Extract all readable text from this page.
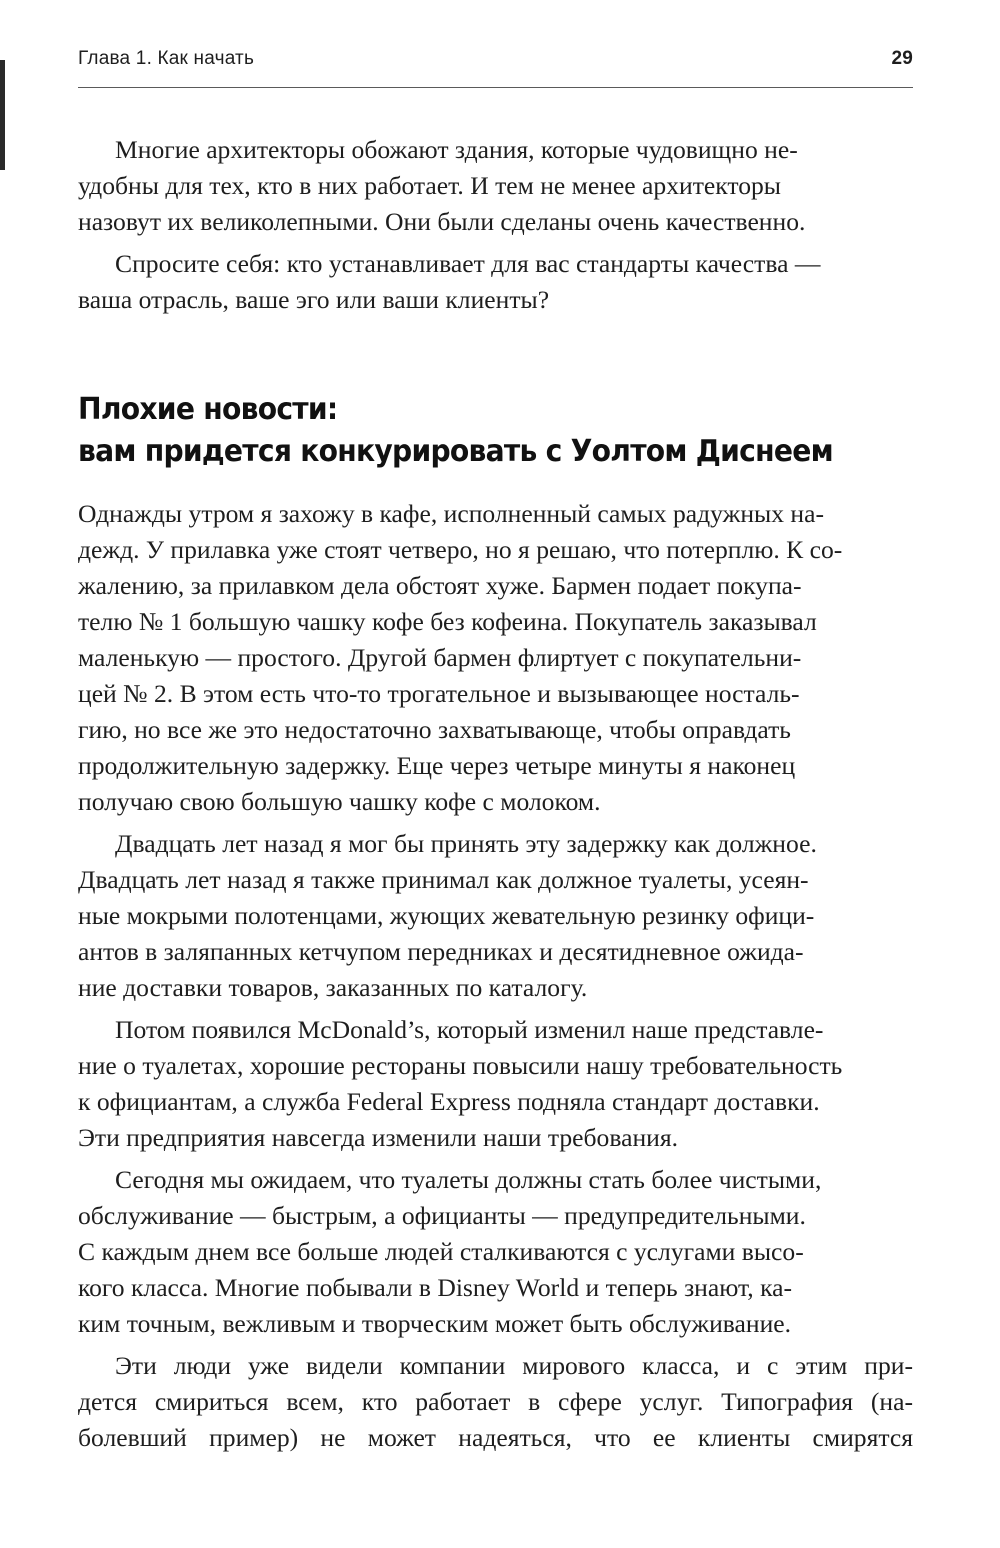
Глава 1. Как начать	29

Многие архитекторы обожают здания, которые чудовищно не-
удобны для тех, кто в них работает. И тем не менее архитекторы
назовут их великолепными. Они были сделаны очень качественно.

Спросите себя: кто устанавливает для вас стандарты качества —
ваша отрасль, ваше эго или ваши клиенты?

Плохие новости:
вам придется конкурировать с Уолтом Диснеем

Однажды утром я захожу в кафе, исполненный самых радужных на-
дежд. У прилавка уже стоят четверо, но я решаю, что потерплю. К со-
жалению, за прилавком дела обстоят хуже. Бармен подает покупа-
телю № 1 большую чашку кофе без кофеина. Покупатель заказывал
маленькую — простого. Другой бармен флиртует с покупательни-
цей № 2. В этом есть что-то трогательное и вызывающее носталь-
гию, но все же это недостаточно захватывающе, чтобы оправдать
продолжительную задержку. Еще через четыре минуты я наконец
получаю свою большую чашку кофе с молоком.

Двадцать лет назад я мог бы принять эту задержку как должное.
Двадцать лет назад я также принимал как должное туалеты, усеян-
ные мокрыми полотенцами, жующих жевательную резинку офици-
антов в заляпанных кетчупом передниках и десятидневное ожида-
ние доставки товаров, заказанных по каталогу.

Потом появился McDonald’s, который изменил наше представле-
ние о туалетах, хорошие рестораны повысили нашу требовательность
к официантам, а служба Federal Express подняла стандарт доставки.
Эти предприятия навсегда изменили наши требования.

Сегодня мы ожидаем, что туалеты должны стать более чистыми,
обслуживание — быстрым, а официанты — предупредительными.
С каждым днем все больше людей сталкиваются с услугами высо-
кого класса. Многие побывали в Disney World и теперь знают, ка-
ким точным, вежливым и творческим может быть обслуживание.

Эти люди уже видели компании мирового класса, и с этим при-
дется смириться всем, кто работает в сфере услуг. Типография (на-
болевший пример) не может надеяться, что ее клиенты смирятся
